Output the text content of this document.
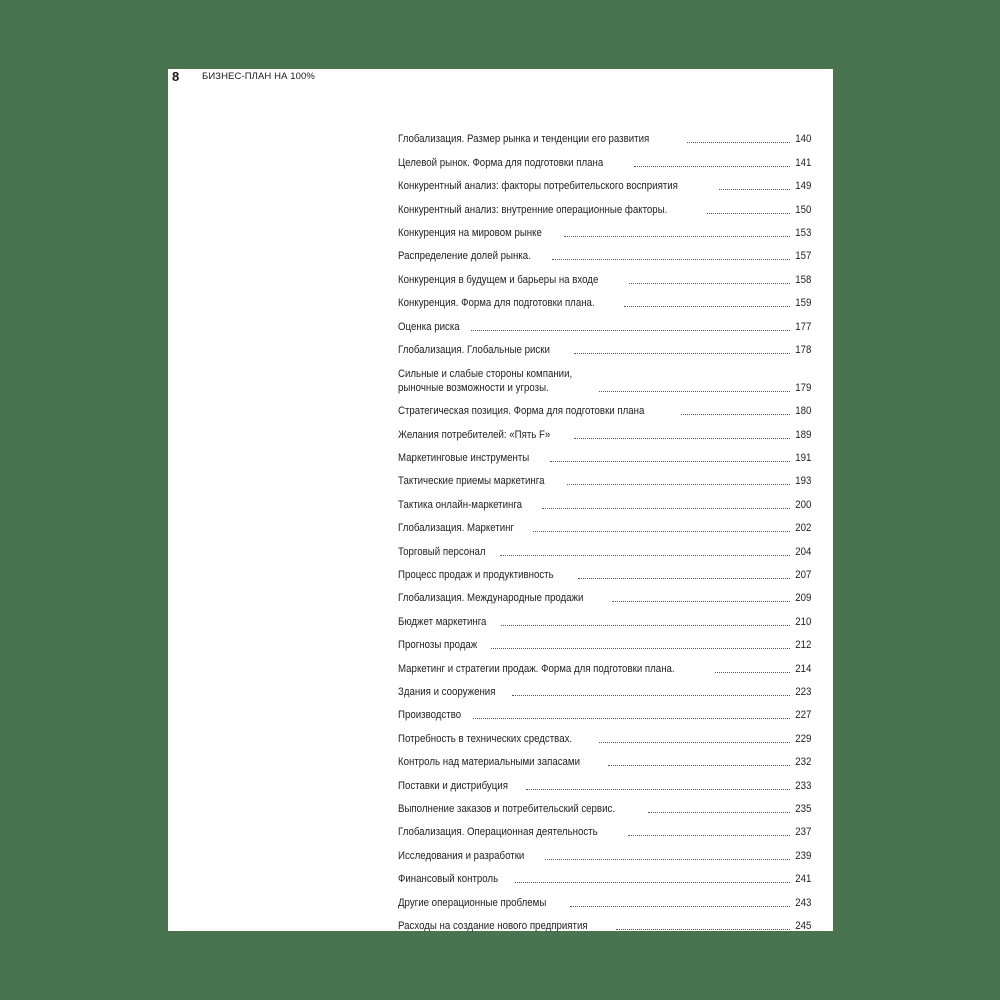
8	БИЗНЕС-ПЛАН НА 100%
Глобализация. Размер рынка и тенденции его развития	140
Целевой рынок. Форма для подготовки плана	141
Конкурентный анализ: факторы потребительского восприятия	149
Конкурентный анализ: внутренние операционные факторы.	150
Конкуренция на мировом рынке	153
Распределение долей рынка.	157
Конкуренция в будущем и барьеры на входе	158
Конкуренция. Форма для подготовки плана.	159
Оценка риска	177
Глобализация. Глобальные риски	178
Сильные и слабые стороны компании,
рыночные возможности и угрозы.	179
Стратегическая позиция. Форма для подготовки плана	180
Желания потребителей: «Пять F»	189
Маркетинговые инструменты	191
Тактические приемы маркетинга	193
Тактика онлайн-маркетинга	200
Глобализация. Маркетинг	202
Торговый персонал	204
Процесс продаж и продуктивность	207
Глобализация. Международные продажи	209
Бюджет маркетинга	210
Прогнозы продаж	212
Маркетинг и стратегии продаж. Форма для подготовки плана.	214
Здания и сооружения	223
Производство	227
Потребность в технических средствах.	229
Контроль над материальными запасами	232
Поставки и дистрибуция	233
Выполнение заказов и потребительский сервис.	235
Глобализация. Операционная деятельность	237
Исследования и разработки	239
Финансовый контроль	241
Другие операционные проблемы	243
Расходы на создание нового предприятия	245
